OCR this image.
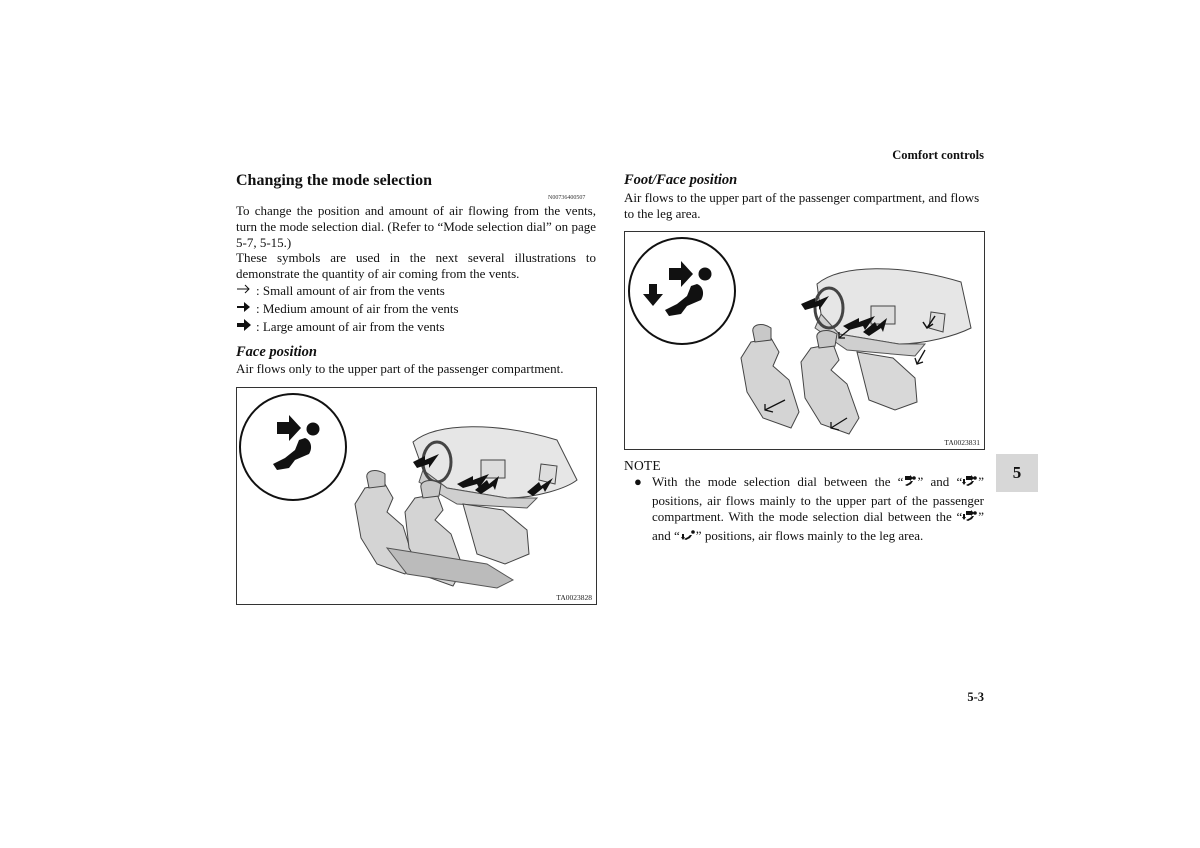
Comfort controls
Changing the mode selection
N00736400507
To change the position and amount of air flowing from the vents, turn the mode selection dial. (Refer to “Mode selection dial” on page 5-7, 5-15.)
These symbols are used in the next several illustrations to demonstrate the quantity of air coming from the vents.
: Small amount of air from the vents
: Medium amount of air from the vents
: Large amount of air from the vents
Face position
Air flows only to the upper part of the passenger compartment.
TA0023828
Foot/Face position
Air flows to the upper part of the passenger compartment, and flows to the leg area.
TA0023831
NOTE
● With the mode selection dial between the “ ” and “ ” positions, air flows mainly to the upper part of the passenger compartment. With the mode selection dial between the “ ” and “ ” positions, air flows mainly to the leg area.
5
5-3
